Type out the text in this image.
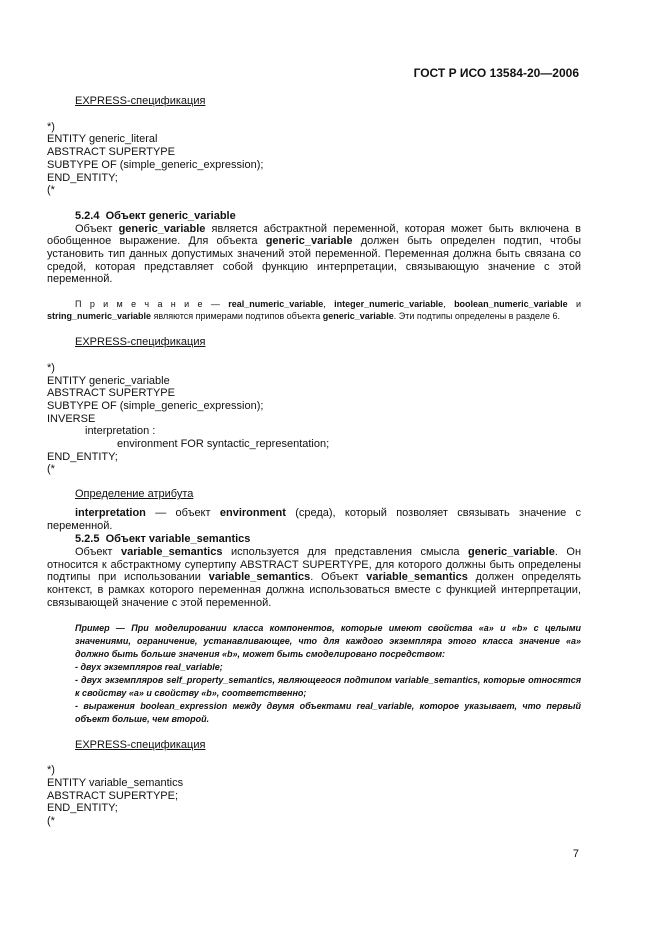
ГОСТ Р ИСО 13584-20—2006
EXPRESS-спецификация
*)
ENTITY generic_literal
ABSTRACT SUPERTYPE
SUBTYPE OF (simple_generic_expression);
END_ENTITY;
(*
5.2.4 Объект generic_variable

Объект generic_variable является абстрактной переменной, которая может быть включена в обобщенное выражение. Для объекта generic_variable должен быть определен подтип, чтобы установить тип данных допустимых значений этой переменной. Переменная должна быть связана со средой, которая представляет собой функцию интерпретации, связывающую значение с этой переменной.

П р и м е ч а н и е — real_numeric_variable, integer_numeric_variable, boolean_numeric_variable и string_numeric_variable являются примерами подтипов объекта generic_variable. Эти подтипы определены в разделе 6.

EXPRESS-спецификация
*)
ENTITY generic_variable
ABSTRACT SUPERTYPE
SUBTYPE OF (simple_generic_expression);
INVERSE
interpretation :
environment FOR syntactic_representation;
END_ENTITY;
(*
Определение атрибута

interpretation — объект environment (среда), который позволяет связывать значение с переменной.

5.2.5 Объект variable_semantics

Объект variable_semantics используется для представления смысла generic_variable. Он относится к абстрактному супертипу ABSTRACT SUPERTYPE, для которого должны быть определены подтипы при использовании variable_semantics. Объект variable_semantics должен определять контекст, в рамках которого переменная должна использоваться вместе с функцией интерпретации, связывающей значение с этой переменной.

Пример — При моделировании класса компонентов, которые имеют свойства «а» и «b» с целыми значениями, ограничение, устанавливающее, что для каждого экземпляра этого класса значение «а» должно быть больше значения «b», может быть смоделировано посредством:
- двух экземпляров real_variable;
- двух экземпляров self_property_semantics, являющегося подтипом variable_semantics, которые относятся к свойству «а» и свойству «b», соответственно;
- выражения boolean_expression между двумя объектами real_variable, которое указывает, что первый объект больше, чем второй.
EXPRESS-спецификация
*)
ENTITY variable_semantics
ABSTRACT SUPERTYPE;
END_ENTITY;
(*
7
